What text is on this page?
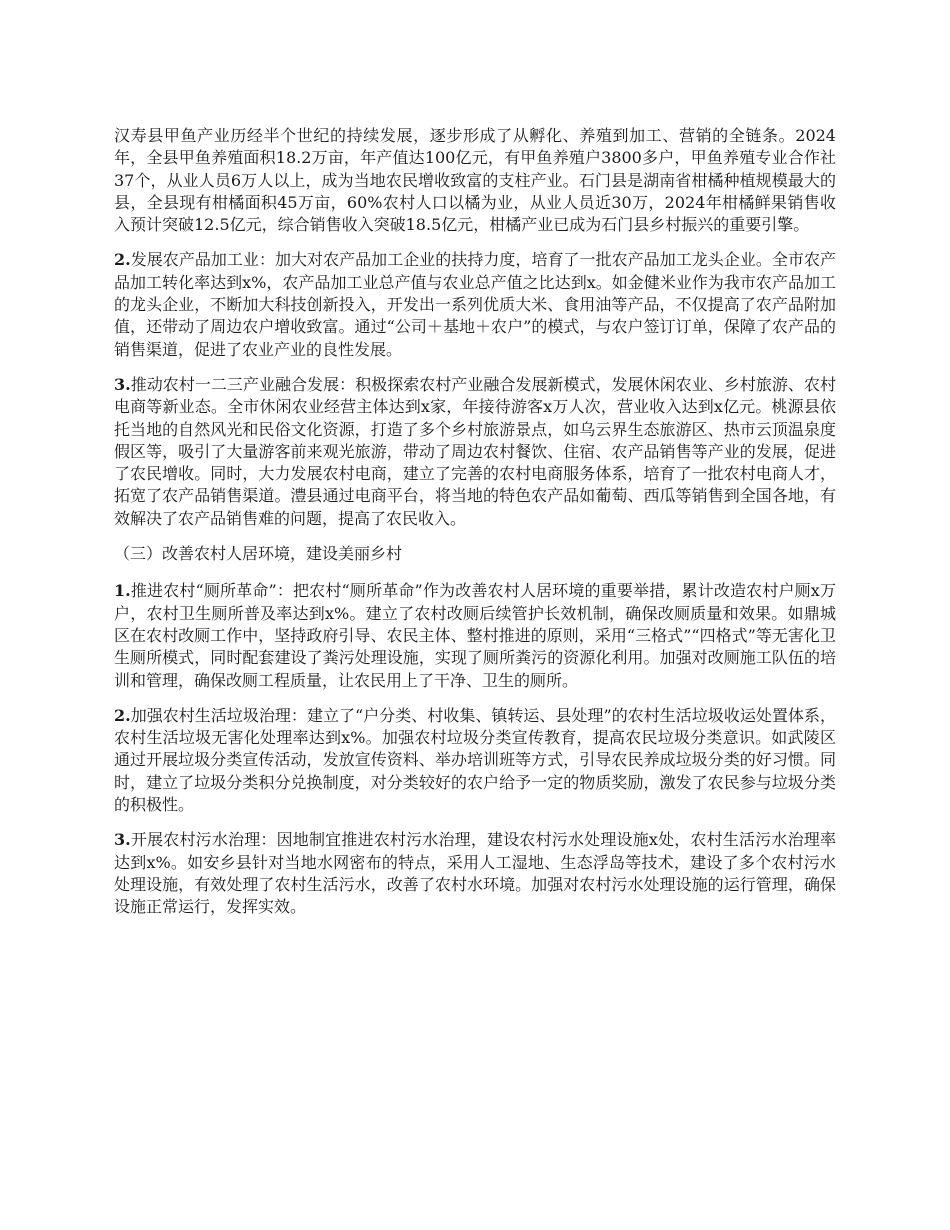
汉寿县甲鱼产业历经半个世纪的持续发展，逐步形成了从孵化、养殖到加工、营销的全链条。2024年，全县甲鱼养殖面积18.2万亩，年产值达100亿元，有甲鱼养殖户3800多户，甲鱼养殖专业合作社37个，从业人员6万人以上，成为当地农民增收致富的支柱产业。石门县是湖南省柑橘种植规模最大的县，全县现有柑橘面积45万亩，60%农村人口以橘为业，从业人员近30万，2024年柑橘鲜果销售收入预计突破12.5亿元，综合销售收入突破18.5亿元，柑橘产业已成为石门县乡村振兴的重要引擎。

2.发展农产品加工业：加大对农产品加工企业的扶持力度，培育了一批农产品加工龙头企业。全市农产品加工转化率达到x%，农产品加工业总产值与农业总产值之比达到x。如金健米业作为我市农产品加工的龙头企业，不断加大科技创新投入，开发出一系列优质大米、食用油等产品，不仅提高了农产品附加值，还带动了周边农户增收致富。通过“公司＋基地＋农户”的模式，与农户签订订单，保障了农产品的销售渠道，促进了农业产业的良性发展。

3.推动农村一二三产业融合发展：积极探索农村产业融合发展新模式，发展休闲农业、乡村旅游、农村电商等新业态。全市休闲农业经营主体达到x家，年接待游客x万人次，营业收入达到x亿元。桃源县依托当地的自然风光和民俗文化资源，打造了多个乡村旅游景点，如乌云界生态旅游区、热市云顶温泉度假区等，吸引了大量游客前来观光旅游，带动了周边农村餐饮、住宿、农产品销售等产业的发展，促进了农民增收。同时，大力发展农村电商，建立了完善的农村电商服务体系，培育了一批农村电商人才，拓宽了农产品销售渠道。澧县通过电商平台，将当地的特色农产品如葡萄、西瓜等销售到全国各地，有效解决了农产品销售难的问题，提高了农民收入。

（三）改善农村人居环境，建设美丽乡村

1.推进农村“厕所革命”：把农村“厕所革命”作为改善农村人居环境的重要举措，累计改造农村户厕x万户，农村卫生厕所普及率达到x%。建立了农村改厕后续管护长效机制，确保改厕质量和效果。如鼎城区在农村改厕工作中，坚持政府引导、农民主体、整村推进的原则，采用“三格式”“四格式”等无害化卫生厕所模式，同时配套建设了粪污处理设施，实现了厕所粪污的资源化利用。加强对改厕施工队伍的培训和管理，确保改厕工程质量，让农民用上了干净、卫生的厕所。

2.加强农村生活垃圾治理：建立了“户分类、村收集、镇转运、县处理”的农村生活垃圾收运处置体系，农村生活垃圾无害化处理率达到x%。加强农村垃圾分类宣传教育，提高农民垃圾分类意识。如武陵区通过开展垃圾分类宣传活动，发放宣传资料、举办培训班等方式，引导农民养成垃圾分类的好习惯。同时，建立了垃圾分类积分兑换制度，对分类较好的农户给予一定的物质奖励，激发了农民参与垃圾分类的积极性。

3.开展农村污水治理：因地制宜推进农村污水治理，建设农村污水处理设施x处，农村生活污水治理率达到x%。如安乡县针对当地水网密布的特点，采用人工湿地、生态浮岛等技术，建设了多个农村污水处理设施，有效处理了农村生活污水，改善了农村水环境。加强对农村污水处理设施的运行管理，确保设施正常运行，发挥实效。
